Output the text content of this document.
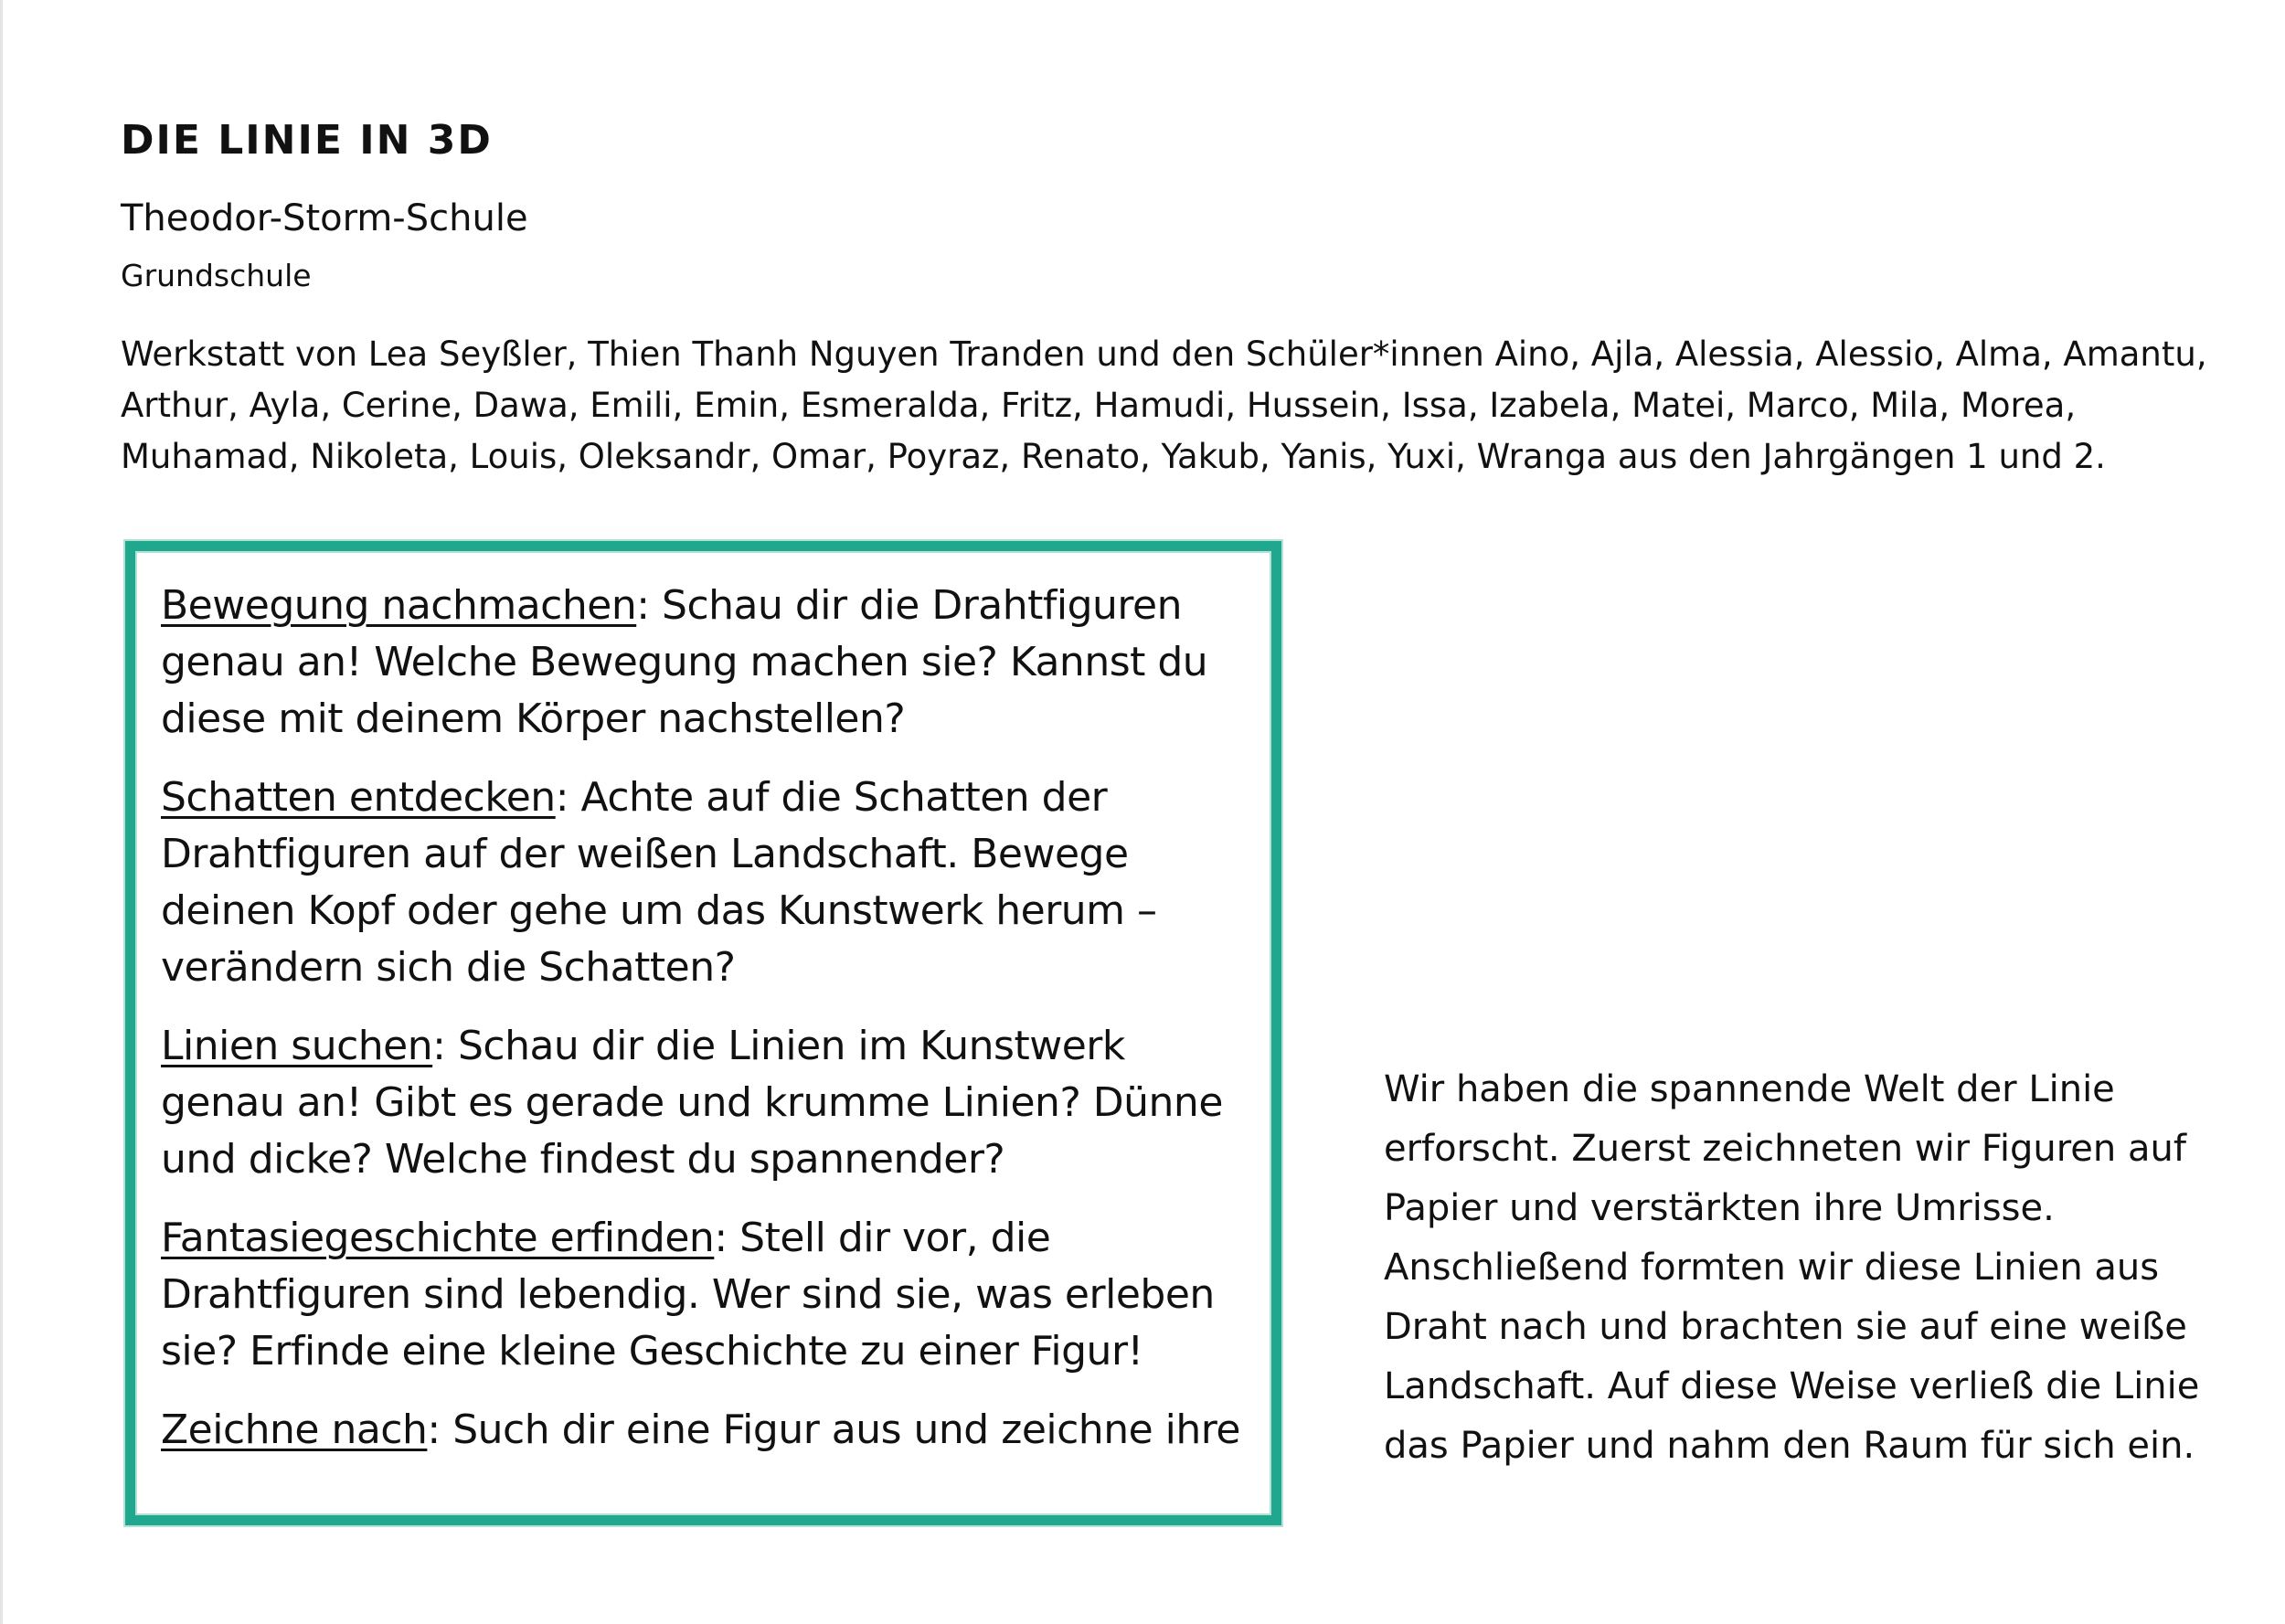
DIE LINIE IN 3D

Theodor-Storm-Schule

Grundschule

Werkstatt von Lea Seyßler, Thien Thanh Nguyen Tranden und den Schüler*innen Aino, Ajla, Alessia, Alessio, Alma, Amantu, Arthur, Ayla, Cerine, Dawa, Emili, Emin, Esmeralda, Fritz, Hamudi, Hussein, Issa, Izabela, Matei, Marco, Mila, Morea, Muhamad, Nikoleta, Louis, Oleksandr, Omar, Poyraz, Renato, Yakub, Yanis, Yuxi, Wranga aus den Jahrgängen 1 und 2.

Bewegung nachmachen: Schau dir die Drahtfiguren genau an! Welche Bewegung machen sie? Kannst du diese mit deinem Körper nachstellen?

Schatten entdecken: Achte auf die Schatten der Drahtfiguren auf der weißen Landschaft. Bewege deinen Kopf oder gehe um das Kunstwerk herum – verändern sich die Schatten?

Linien suchen: Schau dir die Linien im Kunstwerk genau an! Gibt es gerade und krumme Linien? Dünne und dicke? Welche findest du spannender?

Fantasiegeschichte erfinden: Stell dir vor, die Drahtfiguren sind lebendig. Wer sind sie, was erleben sie? Erfinde eine kleine Geschichte zu einer Figur!

Zeichne nach: Such dir eine Figur aus und zeichne ihre

Wir haben die spannende Welt der Linie erforscht. Zuerst zeichneten wir Figuren auf Papier und verstärkten ihre Umrisse. Anschließend formten wir diese Linien aus Draht nach und brachten sie auf eine weiße Landschaft. Auf diese Weise verließ die Linie das Papier und nahm den Raum für sich ein.
